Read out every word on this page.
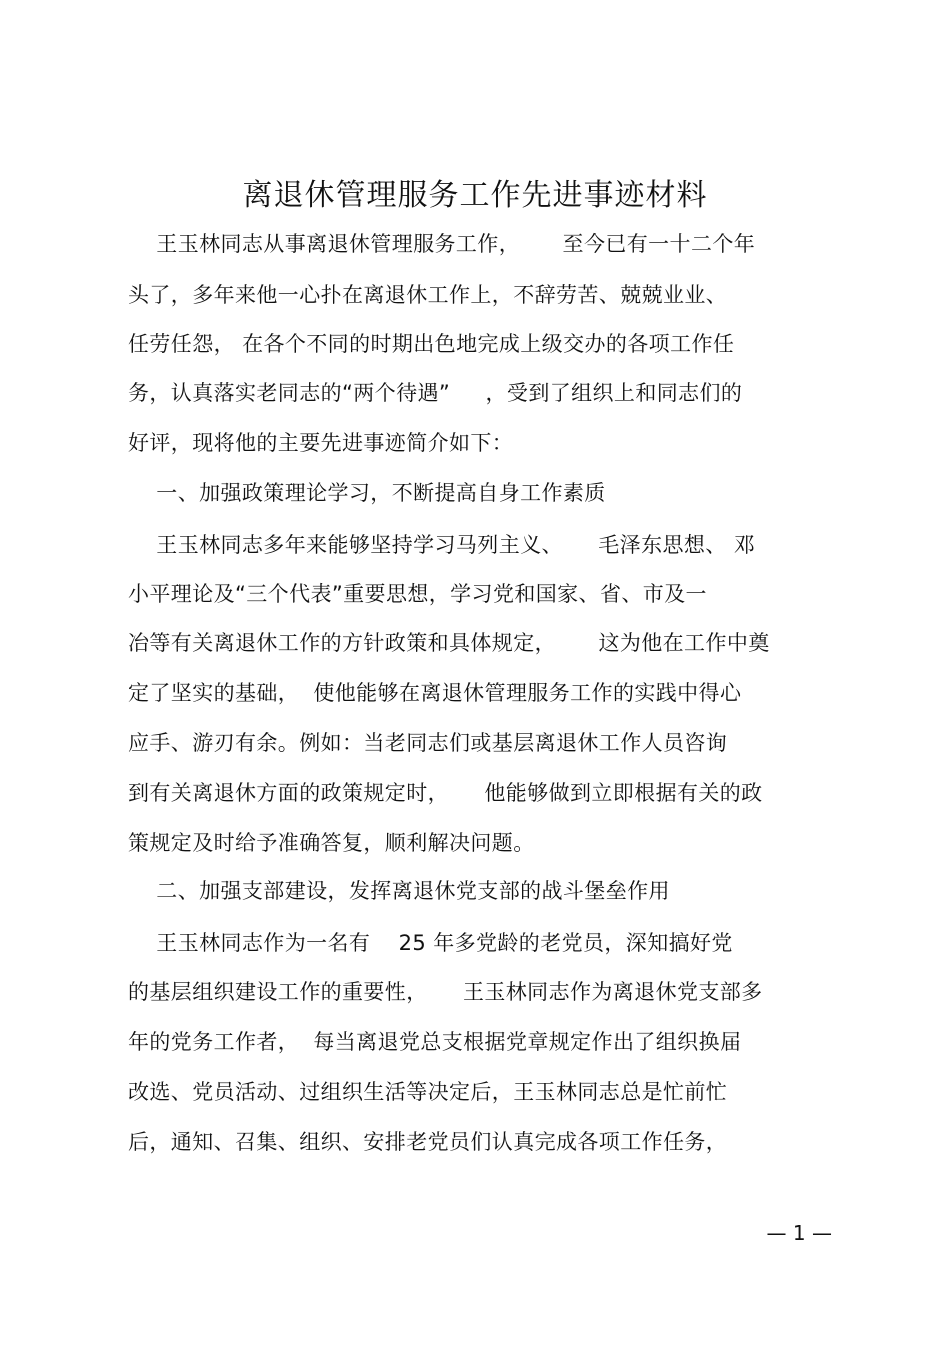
离退休管理服务工作先进事迹材料
王玉林同志从事离退休管理服务工作，      至今已有一十二个年
头了，多年来他一心扑在离退休工作上，不辞劳苦、兢兢业业、
任劳任怨， 在各个不同的时期出色地完成上级交办的各项工作任
务，认真落实老同志的“两个待遇”     ，受到了组织上和同志们的
好评，现将他的主要先进事迹简介如下：
一、加强政策理论学习，不断提高自身工作素质
王玉林同志多年来能够坚持学习马列主义、     毛泽东思想、 邓
小平理论及“三个代表”重要思想，学习党和国家、省、市及一
冶等有关离退休工作的方针政策和具体规定，      这为他在工作中奠
定了坚实的基础，  使他能够在离退休管理服务工作的实践中得心
应手、游刃有余。例如：当老同志们或基层离退休工作人员咨询
到有关离退休方面的政策规定时，     他能够做到立即根据有关的政
策规定及时给予准确答复，顺利解决问题。
二、加强支部建设，发挥离退休党支部的战斗堡垒作用
王玉林同志作为一名有    25 年多党龄的老党员，深知搞好党
的基层组织建设工作的重要性，     王玉林同志作为离退休党支部多
年的党务工作者，  每当离退党总支根据党章规定作出了组织换届
改选、党员活动、过组织生活等决定后，王玉林同志总是忙前忙
后，通知、召集、组织、安排老党员们认真完成各项工作任务，
— 1 —
